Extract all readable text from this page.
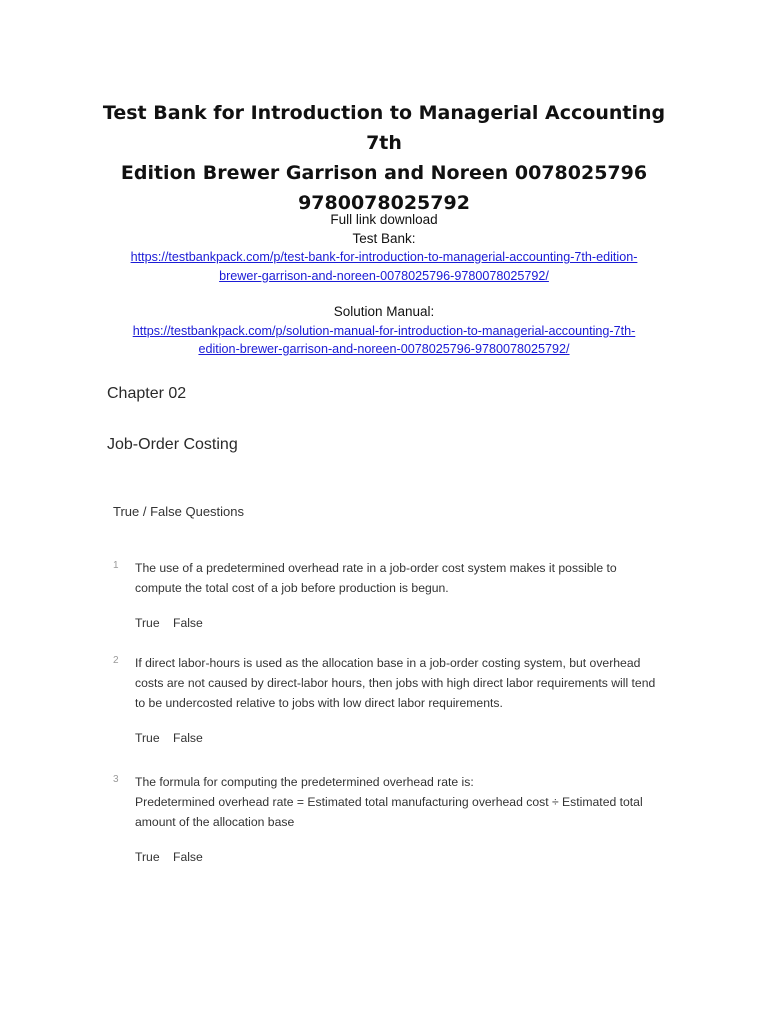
Test Bank for Introduction to Managerial Accounting 7th
Edition Brewer Garrison and Noreen 0078025796
9780078025792
Full link download
Test Bank:
https://testbankpack.com/p/test-bank-for-introduction-to-managerial-accounting-7th-edition-
brewer-garrison-and-noreen-0078025796-9780078025792/
Solution Manual:
https://testbankpack.com/p/solution-manual-for-introduction-to-managerial-accounting-7th-
edition-brewer-garrison-and-noreen-0078025796-9780078025792/
Chapter 02
Job-Order Costing
True / False Questions
1 The use of a predetermined overhead rate in a job-order cost system makes it possible to
compute the total cost of a job before production is begun.
True False
2 If direct labor-hours is used as the allocation base in a job-order costing system, but overhead
costs are not caused by direct-labor hours, then jobs with high direct labor requirements will tend
to be undercosted relative to jobs with low direct labor requirements.
True False
3 The formula for computing the predetermined overhead rate is:
Predetermined overhead rate = Estimated total manufacturing overhead cost ÷ Estimated total
amount of the allocation base
True False
